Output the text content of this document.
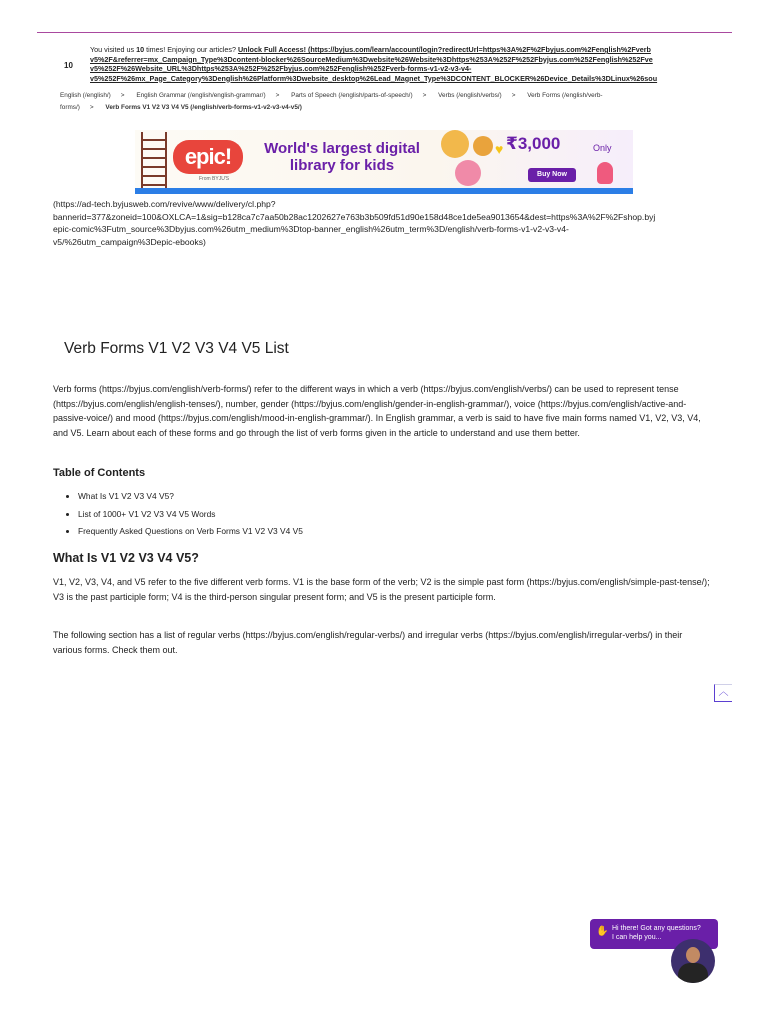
You visited us 10 times! Enjoying our articles? Unlock Full Access! (https://byjus.com/learn/account/login?redirectUrl=https%3A%2F%2Fbyjus.com%2Fenglish%2Fverb
v5%2F&referrer=mx_Campaign_Type%3Dcontent-blocker%26SourceMedium%3Dwebsite%26Website%3Dhttps%253A%252F%252Fbyjus.com%252Fenglish%252Fve
v5%252F%26Website_URL%3Dhttps%253A%252F%252Fbyjus.com%252Fenglish%252Fverb-forms-v1-v2-v3-v4-
v5%252F%26mx_Page_Category%3Denglish%26Platform%3Dwebsite_desktop%26Lead_Magnet_Type%3DCONTENT_BLOCKER%26Device_Details%3DLinux%26sou
10
English (/english/) > English Grammar (/english/english-grammar/) > Parts of Speech (/english/parts-of-speech/) > Verbs (/english/verbs/) > Verb Forms (/english/verb-
forms/) > Verb Forms V1 V2 V3 V4 V5 (/english/verb-forms-v1-v2-v3-v4-v5/)
epic!
From BYJU'S
World's largest digital library for kids
♥ ₹3,000	Only
Buy Now
(https://ad-tech.byjusweb.com/revive/www/delivery/cl.php?
bannerid=377&zoneid=100&OXLCA=1&sig=b128ca7c7aa50b28ac1202627e763b3b509fd51d90e158d48ce1de5ea9013654&dest=https%3A%2F%2Fshop.byj
epic-comic%3Futm_source%3Dbyjus.com%26utm_medium%3Dtop-banner_english%26utm_term%3D/english/verb-forms-v1-v2-v3-v4-
v5/%26utm_campaign%3Depic-ebooks)
Verb Forms V1 V2 V3 V4 V5 List

Verb forms (https://byjus.com/english/verb-forms/) refer to the different ways in which a verb (https://byjus.com/english/verbs/) can be used to represent tense (https://byjus.com/english/english-tenses/), number, gender (https://byjus.com/english/gender-in-english-grammar/), voice (https://byjus.com/english/active-and-passive-voice/) and mood (https://byjus.com/english/mood-in-english-grammar/). In English grammar, a verb is said to have five main forms named V1, V2, V3, V4, and V5. Learn about each of these forms and go through the list of verb forms given in the article to understand and use them better.

Table of Contents
• What Is V1 V2 V3 V4 V5?
• List of 1000+ V1 V2 V3 V4 V5 Words
• Frequently Asked Questions on Verb Forms V1 V2 V3 V4 V5
What Is V1 V2 V3 V4 V5?

V1, V2, V3, V4, and V5 refer to the five different verb forms. V1 is the base form of the verb; V2 is the simple past form (https://byjus.com/english/simple-past-tense/); V3 is the past participle form; V4 is the third-person singular present form; and V5 is the present participle form.

The following section has a list of regular verbs (https://byjus.com/english/regular-verbs/) and irregular verbs (https://byjus.com/english/irregular-verbs/) in their various forms. Check them out.

︿
✋ Hi there! Got any questions?
I can help you...
